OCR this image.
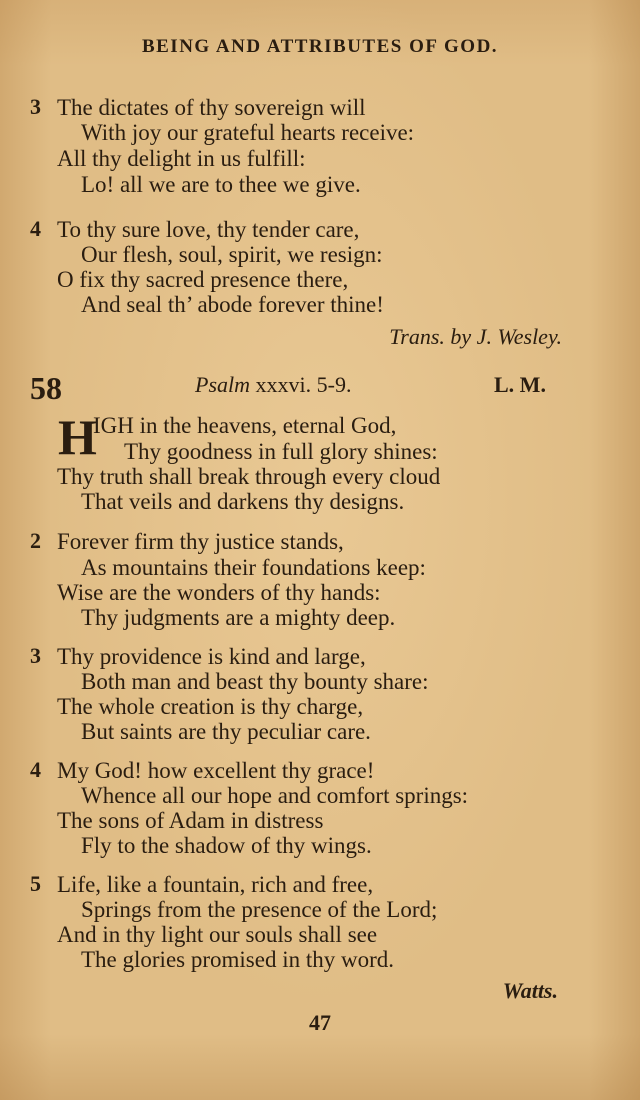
BEING AND ATTRIBUTES OF GOD.
3 The dictates of thy sovereign will
With joy our grateful hearts receive:
All thy delight in us fulfill:
Lo! all we are to thee we give.
4 To thy sure love, thy tender care,
Our flesh, soul, spirit, we resign:
O fix thy sacred presence there,
And seal th’ abode forever thine!
Trans. by J. Wesley.
58	Psalm xxxvi. 5-9.	L. M.
H
IGH in the heavens, eternal God,
Thy goodness in full glory shines:
Thy truth shall break through every cloud
That veils and darkens thy designs.
2 Forever firm thy justice stands,
As mountains their foundations keep:
Wise are the wonders of thy hands:
Thy judgments are a mighty deep.
3 Thy providence is kind and large,
Both man and beast thy bounty share:
The whole creation is thy charge,
But saints are thy peculiar care.
4 My God! how excellent thy grace!
Whence all our hope and comfort springs:
The sons of Adam in distress
Fly to the shadow of thy wings.
5 Life, like a fountain, rich and free,
Springs from the presence of the Lord;
And in thy light our souls shall see
The glories promised in thy word.
Watts.
47
